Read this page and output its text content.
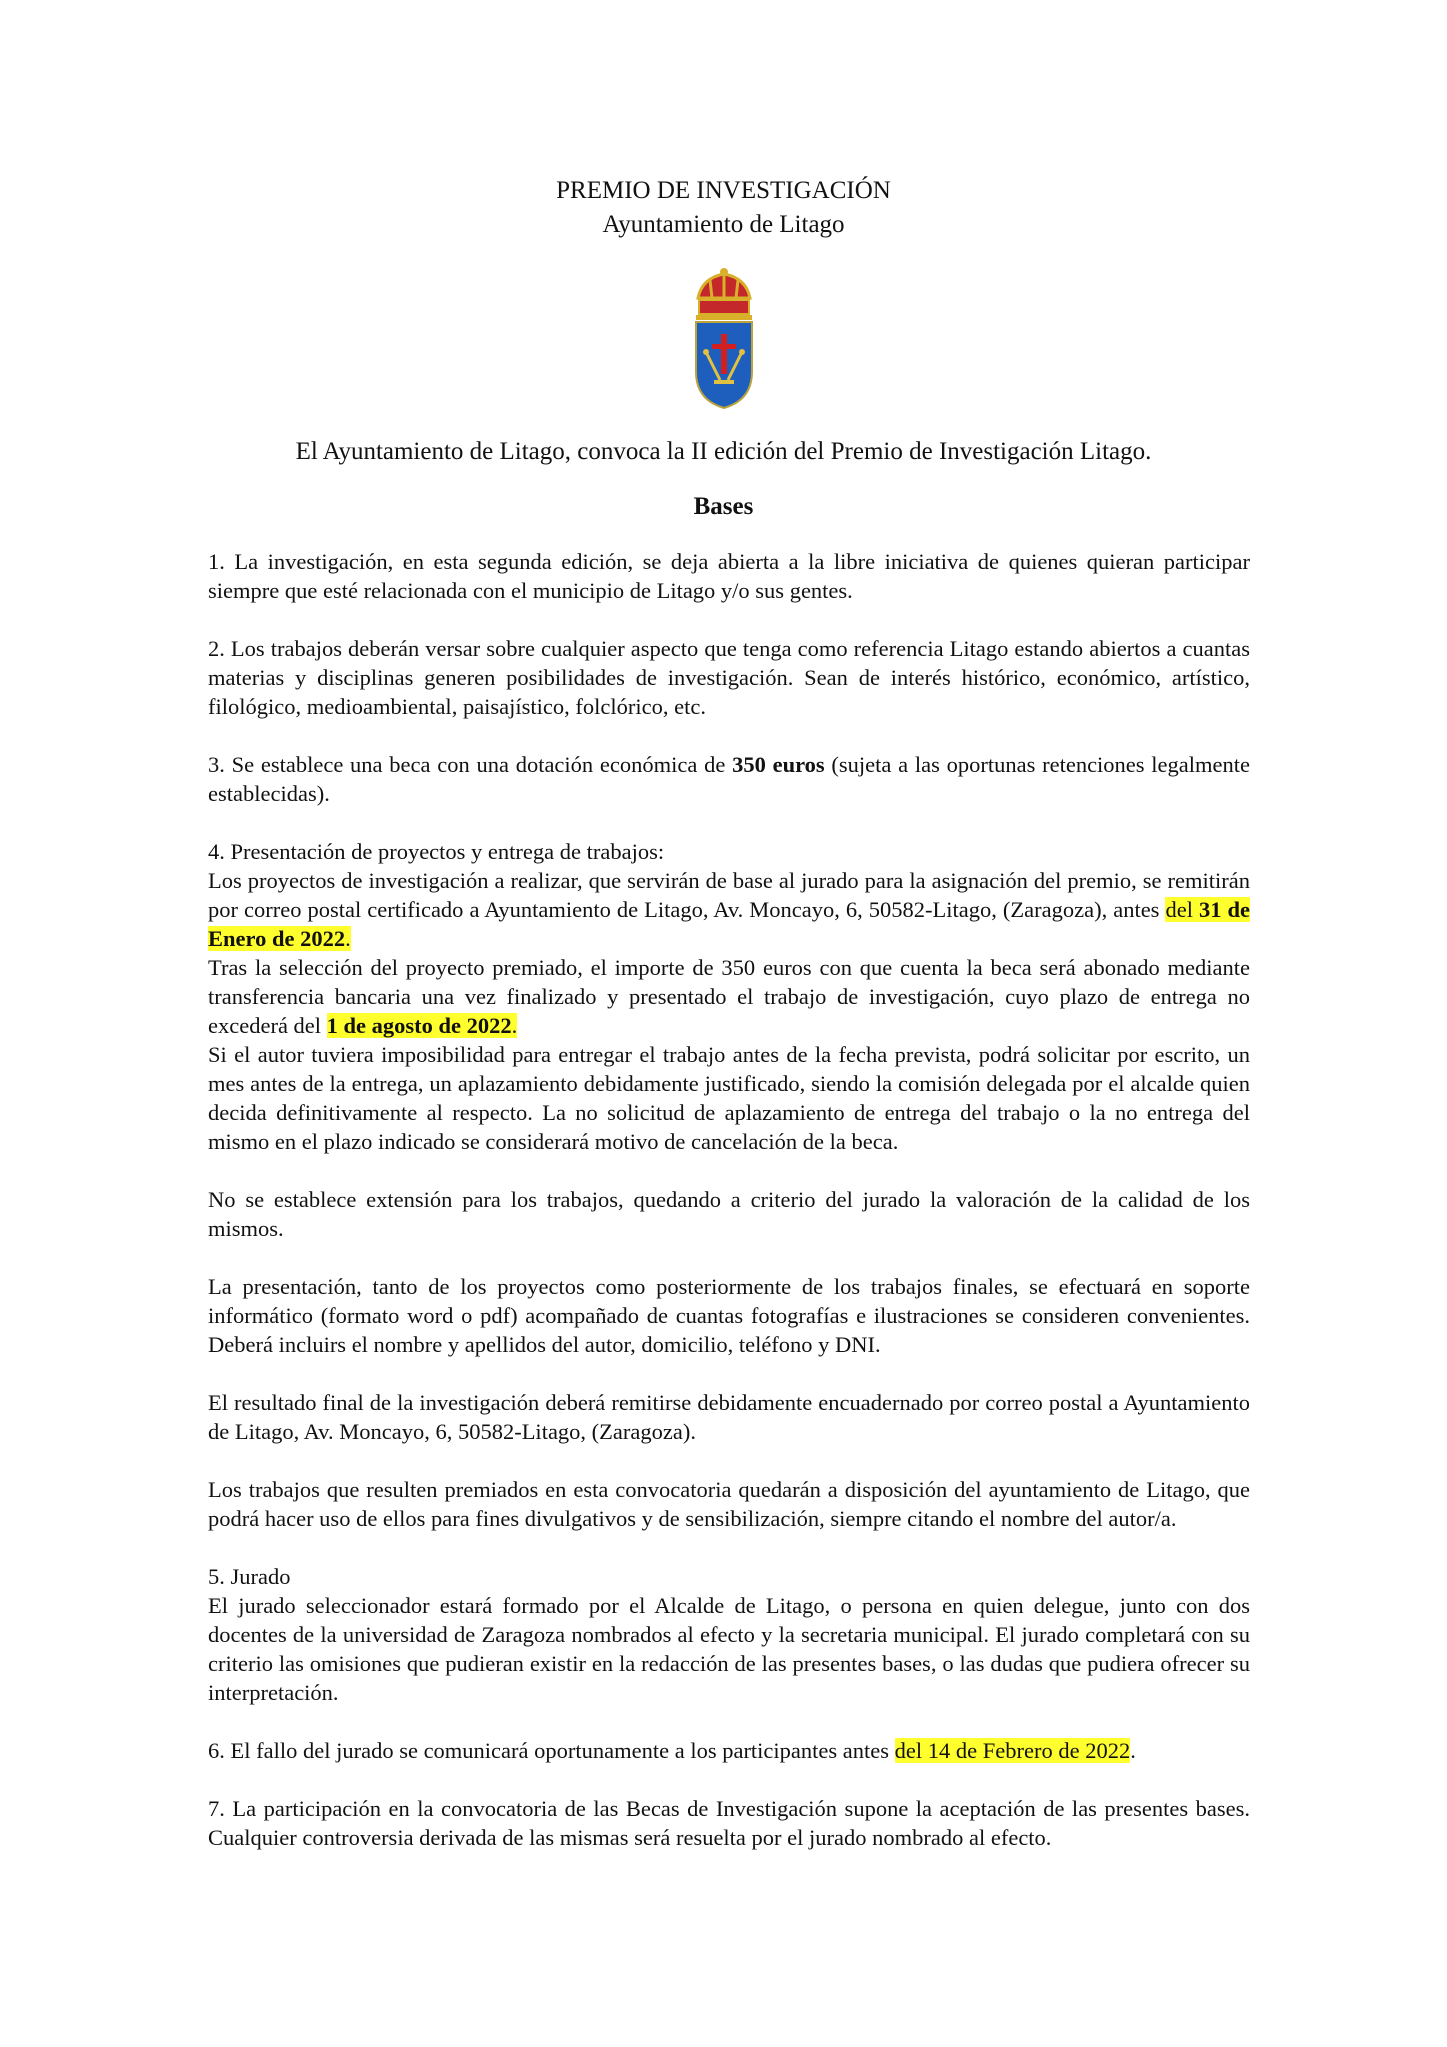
PREMIO DE INVESTIGACIÓN
Ayuntamiento de Litago
El Ayuntamiento de Litago, convoca la II edición del Premio de Investigación Litago.
Bases

1. La investigación, en esta segunda edición, se deja abierta a la libre iniciativa de quienes quieran participar siempre que esté relacionada con el municipio de Litago y/o sus gentes.

2. Los trabajos deberán versar sobre cualquier aspecto que tenga como referencia Litago estando abiertos a cuantas materias y disciplinas generen posibilidades de investigación. Sean de interés histórico, económico, artístico, filológico, medioambiental, paisajístico, folclórico, etc.

3. Se establece una beca con una dotación económica de 350 euros (sujeta a las oportunas retenciones legalmente establecidas).

4. Presentación de proyectos y entrega de trabajos:

Los proyectos de investigación a realizar, que servirán de base al jurado para la asignación del premio, se remitirán por correo postal certificado a Ayuntamiento de Litago, Av. Moncayo, 6, 50582-Litago, (Zaragoza), antes del 31 de Enero de 2022.

Tras la selección del proyecto premiado, el importe de 350 euros con que cuenta la beca será abonado mediante transferencia bancaria una vez finalizado y presentado el trabajo de investigación, cuyo plazo de entrega no excederá del 1 de agosto de 2022.

Si el autor tuviera imposibilidad para entregar el trabajo antes de la fecha prevista, podrá solicitar por escrito, un mes antes de la entrega, un aplazamiento debidamente justificado, siendo la comisión delegada por el alcalde quien decida definitivamente al respecto. La no solicitud de aplazamiento de entrega del trabajo o la no entrega del mismo en el plazo indicado se considerará motivo de cancelación de la beca.

No se establece extensión para los trabajos, quedando a criterio del jurado la valoración de la calidad de los mismos.

La presentación, tanto de los proyectos como posteriormente de los trabajos finales, se efectuará en soporte informático (formato word o pdf) acompañado de cuantas fotografías e ilustraciones se consideren convenientes. Deberá incluirs el nombre y apellidos del autor, domicilio, teléfono y DNI.

El resultado final de la investigación deberá remitirse debidamente encuadernado por correo postal a Ayuntamiento de Litago, Av. Moncayo, 6, 50582-Litago, (Zaragoza).

Los trabajos que resulten premiados en esta convocatoria quedarán a disposición del ayuntamiento de Litago, que podrá hacer uso de ellos para fines divulgativos y de sensibilización, siempre citando el nombre del autor/a.

5. Jurado

El jurado seleccionador estará formado por el Alcalde de Litago, o persona en quien delegue, junto con dos docentes de la universidad de Zaragoza nombrados al efecto y la secretaria municipal. El jurado completará con su criterio las omisiones que pudieran existir en la redacción de las presentes bases, o las dudas que pudiera ofrecer su interpretación.

6. El fallo del jurado se comunicará oportunamente a los participantes antes del 14 de Febrero de 2022.

7. La participación en la convocatoria de las Becas de Investigación supone la aceptación de las presentes bases. Cualquier controversia derivada de las mismas será resuelta por el jurado nombrado al efecto.
